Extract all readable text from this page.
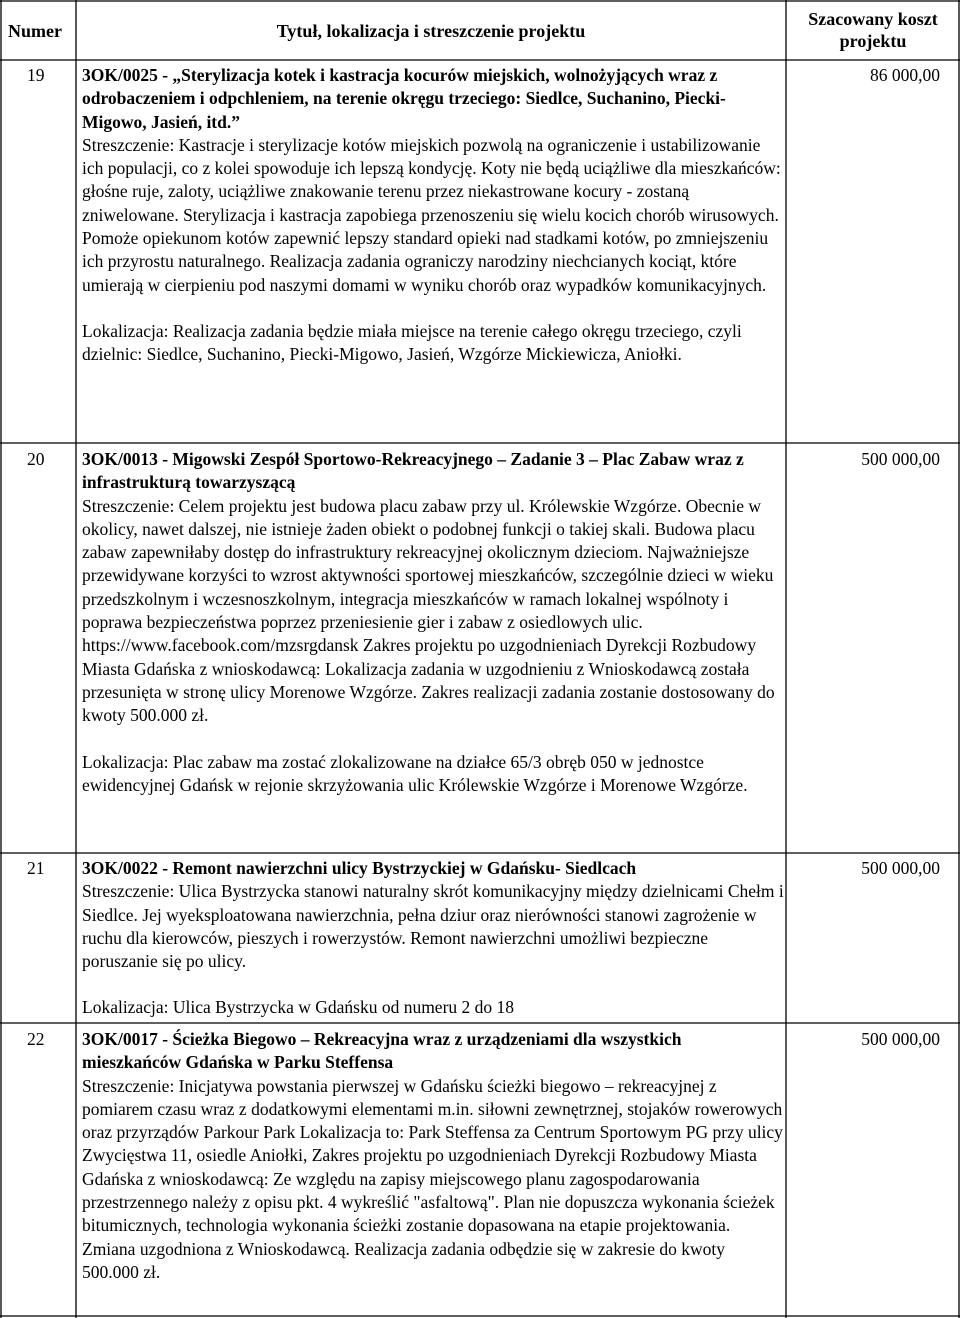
Numer	Tytuł, lokalizacja i streszczenie projektu
Szacowany koszt
projektu
19 3OK/0025 - „Sterylizacja kotek i kastracja kocurów miejskich, wolnożyjących wraz z odrobaczeniem i odpchleniem, na terenie okręgu trzeciego: Siedlce, Suchanino, Piecki-Migowo, Jasień, itd.”
Streszczenie: Kastracje i sterylizacje kotów miejskich pozwolą na ograniczenie i ustabilizowanie ich populacji, co z kolei spowoduje ich lepszą kondycję. Koty nie będą uciążliwe dla mieszkańców: głośne ruje, zaloty, uciążliwe znakowanie terenu przez niekastrowane kocury - zostaną zniwelowane. Sterylizacja i kastracja zapobiega przenoszeniu się wielu kocich chorób wirusowych. Pomoże opiekunom kotów zapewnić lepszy standard opieki nad stadkami kotów, po zmniejszeniu ich przyrostu naturalnego. Realizacja zadania ograniczy narodziny niechcianych kociąt, które umierają w cierpieniu pod naszymi domami w wyniku chorób oraz wypadków komunikacyjnych.
Lokalizacja: Realizacja zadania będzie miała miejsce na terenie całego okręgu trzeciego, czyli dzielnic: Siedlce, Suchanino, Piecki-Migowo, Jasień, Wzgórze Mickiewicza, Aniołki.
86 000,00
20 3OK/0013 - Migowski Zespół Sportowo-Rekreacyjnego – Zadanie 3 – Plac Zabaw wraz z infrastrukturą towarzyszącą
Streszczenie: Celem projektu jest budowa placu zabaw przy ul. Królewskie Wzgórze. Obecnie w okolicy, nawet dalszej, nie istnieje żaden obiekt o podobnej funkcji o takiej skali. Budowa placu zabaw zapewniłaby dostęp do infrastruktury rekreacyjnej okolicznym dzieciom. Najważniejsze przewidywane korzyści to wzrost aktywności sportowej mieszkańców, szczególnie dzieci w wieku przedszkolnym i wczesnoszkolnym, integracja mieszkańców w ramach lokalnej wspólnoty i poprawa bezpieczeństwa poprzez przeniesienie gier i zabaw z osiedlowych ulic. https://www.facebook.com/mzsrgdansk Zakres projektu po uzgodnieniach Dyrekcji Rozbudowy Miasta Gdańska z wnioskodawcą: Lokalizacja zadania w uzgodnieniu z Wnioskodawcą została przesunięta w stronę ulicy Morenowe Wzgórze. Zakres realizacji zadania zostanie dostosowany do kwoty 500.000 zł.
Lokalizacja: Plac zabaw ma zostać zlokalizowane na działce 65/3 obręb 050 w jednostce ewidencyjnej Gdańsk w rejonie skrzyżowania ulic Królewskie Wzgórze i Morenowe Wzgórze.
500 000,00
21 3OK/0022 - Remont nawierzchni ulicy Bystrzyckiej w Gdańsku- Siedlcach
Streszczenie: Ulica Bystrzycka stanowi naturalny skrót komunikacyjny między dzielnicami Chełm i Siedlce. Jej wyeksploatowana nawierzchnia, pełna dziur oraz nierówności stanowi zagrożenie w ruchu dla kierowców, pieszych i rowerzystów. Remont nawierzchni umożliwi bezpieczne poruszanie się po ulicy.
Lokalizacja: Ulica Bystrzycka w Gdańsku od numeru 2 do 18
500 000,00
22 3OK/0017 - Ścieżka Biegowo – Rekreacyjna wraz z urządzeniami dla wszystkich mieszkańców Gdańska w Parku Steffensa
Streszczenie: Inicjatywa powstania pierwszej w Gdańsku ścieżki biegowo – rekreacyjnej z pomiarem czasu wraz z dodatkowymi elementami m.in. siłowni zewnętrznej, stojaków rowerowych oraz przyrządów Parkour Park Lokalizacja to: Park Steffensa za Centrum Sportowym PG przy ulicy Zwycięstwa 11, osiedle Aniołki, Zakres projektu po uzgodnieniach Dyrekcji Rozbudowy Miasta Gdańska z wnioskodawcą: Ze względu na zapisy miejscowego planu zagospodarowania przestrzennego należy z opisu pkt. 4 wykreślić "asfaltową". Plan nie dopuszcza wykonania ścieżek bitumicznych, technologia wykonania ścieżki zostanie dopasowana na etapie projektowania. Zmiana uzgodniona z Wnioskodawcą. Realizacja zadania odbędzie się w zakresie do kwoty 500.000 zł.
500 000,00
